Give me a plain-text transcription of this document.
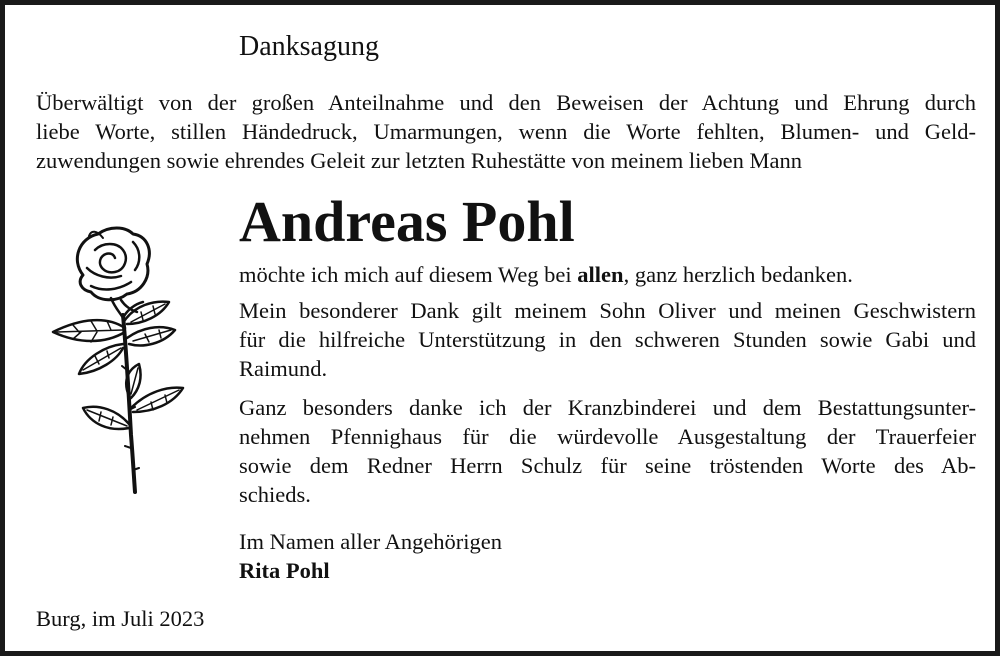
Danksagung
Überwältigt von der großen Anteilnahme und den Beweisen der Achtung und Ehrung durch
liebe Worte, stillen Händedruck, Umarmungen, wenn die Worte fehlten, Blumen- und Geld-
zuwendungen sowie ehrendes Geleit zur letzten Ruhestätte von meinem lieben Mann
Andreas Pohl
möchte ich mich auf diesem Weg bei allen, ganz herzlich bedanken.
Mein besonderer Dank gilt meinem Sohn Oliver und meinen Geschwistern
für die hilfreiche Unterstützung in den schweren Stunden sowie Gabi und
Raimund.
Ganz besonders danke ich der Kranzbinderei und dem Bestattungsunter-
nehmen Pfennighaus für die würdevolle Ausgestaltung der Trauerfeier
sowie dem Redner Herrn Schulz für seine tröstenden Worte des Ab-
schieds.
Im Namen aller Angehörigen
Rita Pohl
Burg, im Juli 2023
